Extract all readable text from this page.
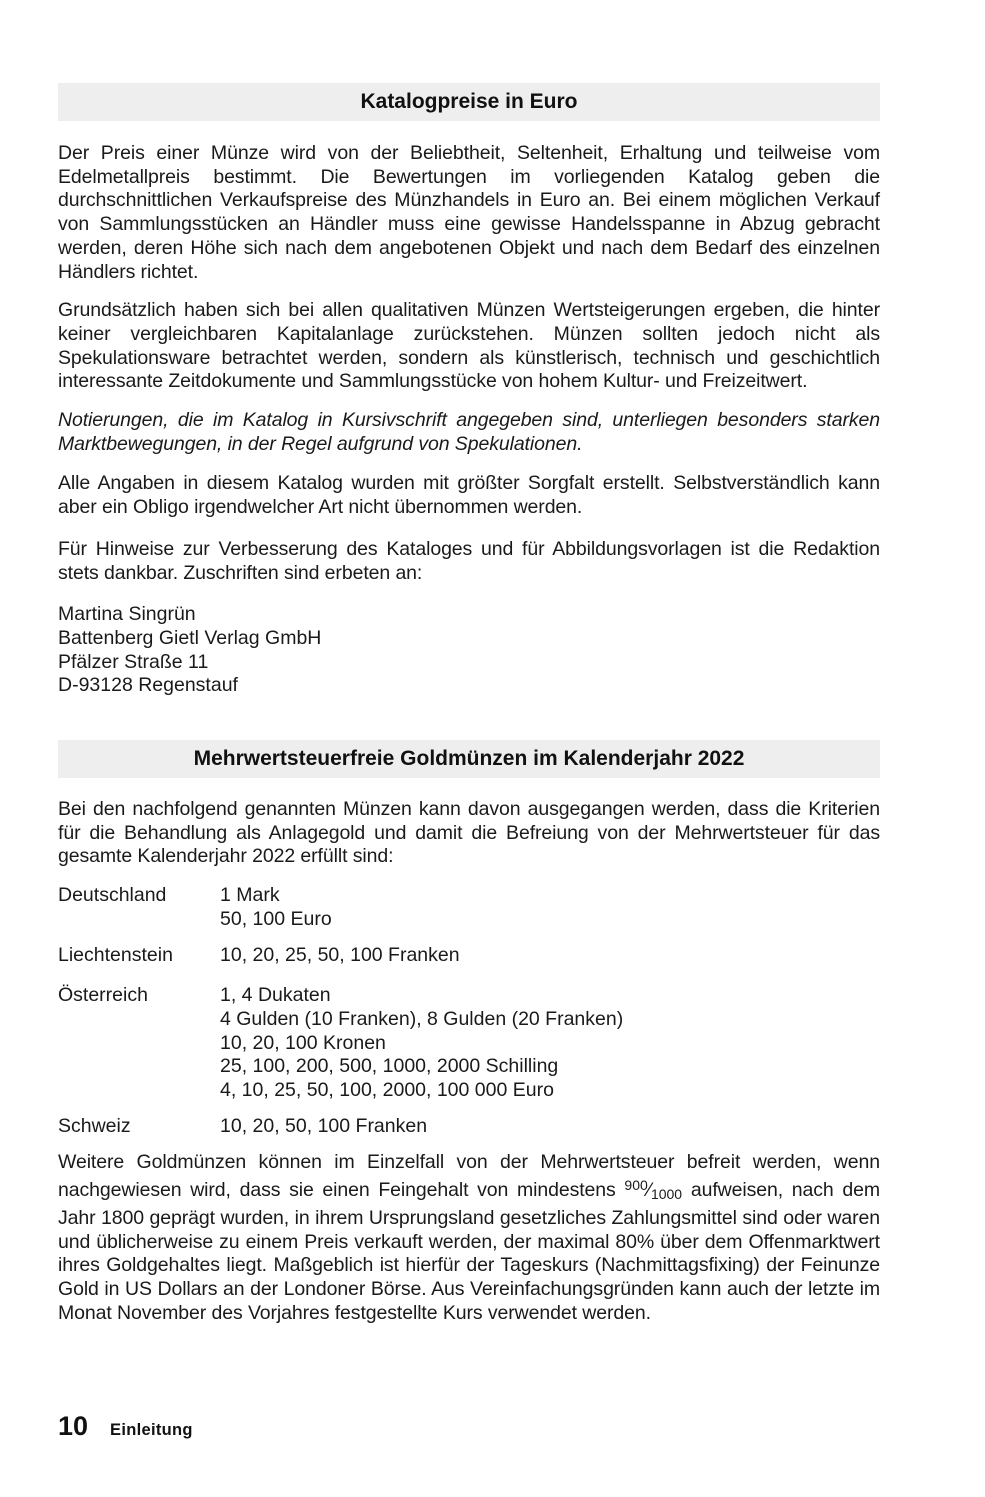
Katalogpreise in Euro

Der Preis einer Münze wird von der Beliebtheit, Seltenheit, Erhaltung und teilweise vom Edelmetallpreis bestimmt. Die Bewertungen im vorliegenden Katalog geben die durchschnittlichen Verkaufspreise des Münzhandels in Euro an. Bei einem möglichen Verkauf von Sammlungsstücken an Händler muss eine gewisse Handelsspanne in Abzug gebracht werden, deren Höhe sich nach dem angebotenen Objekt und nach dem Bedarf des einzelnen Händlers richtet.

Grundsätzlich haben sich bei allen qualitativen Münzen Wertsteigerungen ergeben, die hinter keiner vergleichbaren Kapitalanlage zurückstehen. Münzen sollten jedoch nicht als Spekulationsware betrachtet werden, sondern als künstlerisch, technisch und geschichtlich interessante Zeitdokumente und Sammlungsstücke von hohem Kultur- und Freizeitwert.

Notierungen, die im Katalog in Kursivschrift angegeben sind, unterliegen besonders starken Marktbewegungen, in der Regel aufgrund von Spekulationen.

Alle Angaben in diesem Katalog wurden mit größter Sorgfalt erstellt. Selbstverständlich kann aber ein Obligo irgendwelcher Art nicht übernommen werden.

Für Hinweise zur Verbesserung des Kataloges und für Abbildungsvorlagen ist die Redaktion stets dankbar. Zuschriften sind erbeten an:

Martina Singrün
Battenberg Gietl Verlag GmbH
Pfälzer Straße 11
D-93128 Regenstauf
Mehrwertsteuerfreie Goldmünzen im Kalenderjahr 2022

Bei den nachfolgend genannten Münzen kann davon ausgegangen werden, dass die Kriterien für die Behandlung als Anlagegold und damit die Befreiung von der Mehrwertsteuer für das gesamte Kalenderjahr 2022 erfüllt sind:

Deutschland	1 Mark
50, 100 Euro
Liechtenstein	10, 20, 25, 50, 100 Franken
Österreich	1, 4 Dukaten
4 Gulden (10 Franken), 8 Gulden (20 Franken)
10, 20, 100 Kronen
25, 100, 200, 500, 1000, 2000 Schilling
4, 10, 25, 50, 100, 2000, 100 000 Euro
Schweiz	10, 20, 50, 100 Franken

Weitere Goldmünzen können im Einzelfall von der Mehrwertsteuer befreit werden, wenn nachgewiesen wird, dass sie einen Feingehalt von mindestens $^{900}$⁄1000 aufweisen, nach dem Jahr 1800 geprägt wurden, in ihrem Ursprungsland gesetzliches Zahlungsmittel sind oder waren und üblicherweise zu einem Preis verkauft werden, der maximal 80% über dem Offenmarktwert ihres Goldgehaltes liegt. Maßgeblich ist hierfür der Tageskurs (Nachmittagsfixing) der Feinunze Gold in US Dollars an der Londoner Börse. Aus Vereinfachungsgründen kann auch der letzte im Monat November des Vorjahres festgestellte Kurs verwendet werden.

10 Einleitung
